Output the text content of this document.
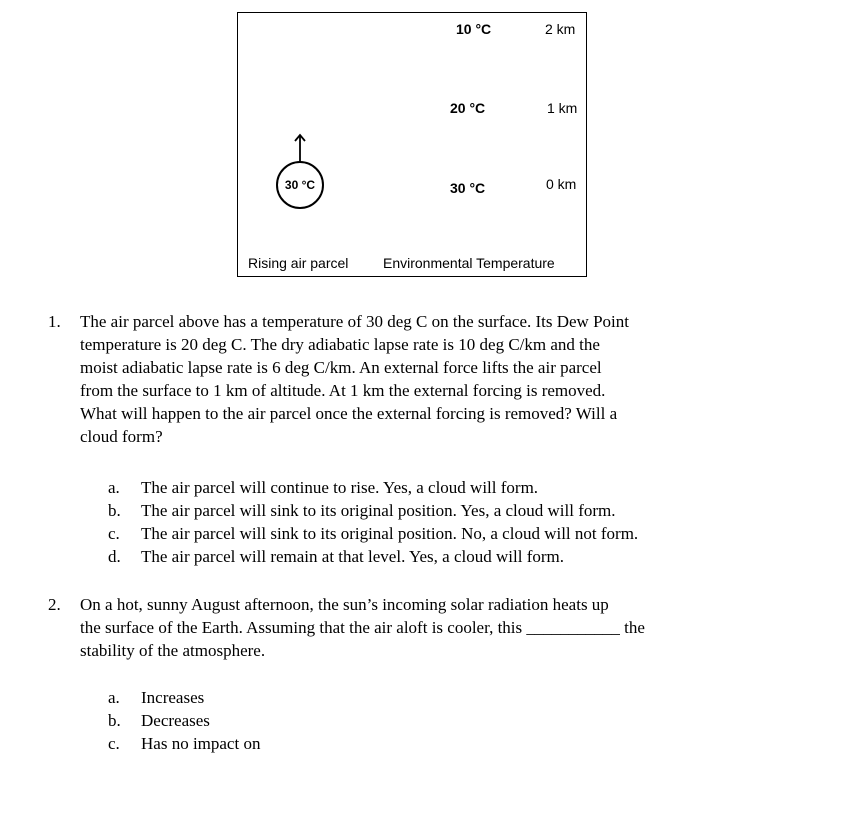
10 °C	2 km
20 °C	1 km
30 °C	0 km
30 °C
Rising air parcel Environmental Temperature
1. The air parcel above has a temperature of 30 deg C on the surface. Its Dew Point
temperature is 20 deg C. The dry adiabatic lapse rate is 10 deg C/km and the
moist adiabatic lapse rate is 6 deg C/km. An external force lifts the air parcel
from the surface to 1 km of altitude. At 1 km the external forcing is removed.
What will happen to the air parcel once the external forcing is removed? Will a
cloud form?
a. The air parcel will continue to rise. Yes, a cloud will form.
b. The air parcel will sink to its original position. Yes, a cloud will form.
c. The air parcel will sink to its original position. No, a cloud will not form.
d. The air parcel will remain at that level. Yes, a cloud will form.
2. On a hot, sunny August afternoon, the sun’s incoming solar radiation heats up
the surface of the Earth. Assuming that the air aloft is cooler, this ___________ the
stability of the atmosphere.
a. Increases
b. Decreases
c. Has no impact on
